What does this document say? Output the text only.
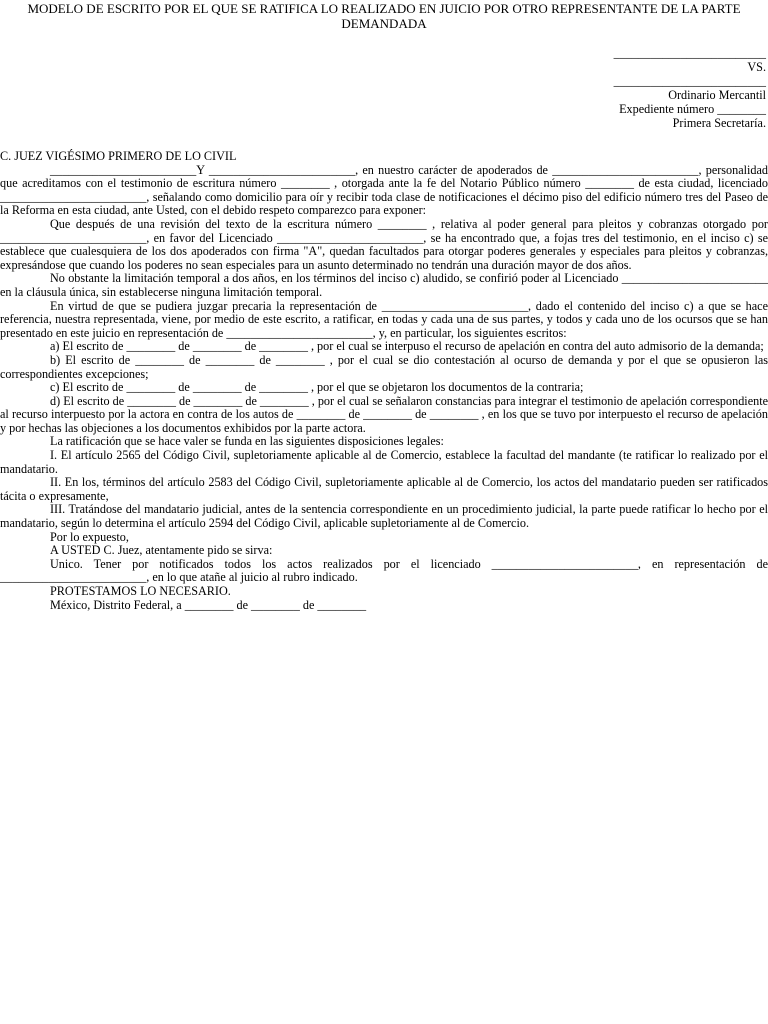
MODELO DE ESCRITO POR EL QUE SE RATIFICA LO REALIZADO EN JUICIO POR OTRO REPRESENTANTE DE LA PARTE DEMANDADA
_________________________
VS.
_________________________
Ordinario Mercantil
Expediente número ________
Primera Secretaría.

C. JUEZ VIGÉSIMO PRIMERO DE LO CIVIL

________________________Y ________________________, en nuestro carácter de apoderados de ________________________, personalidad que acreditamos con el testimonio de escritura número ________ , otorgada ante la fe del Notario Público número ________ de esta ciudad, licenciado ________________________, señalando como domicilio para oír y recibir toda clase de notificaciones el décimo piso del edificio número tres del Paseo de la Reforma en esta ciudad, ante Usted, con el debido respeto comparezco para exponer:

Que después de una revisión del texto de la escritura número ________ , relativa al poder general para pleitos y cobranzas otorgado por ________________________, en favor del Licenciado ________________________, se ha encontrado que, a fojas tres del testimonio, en el inciso c) se establece que cualesquiera de los dos apoderados con firma "A", quedan facultados para otorgar poderes generales y especiales para pleitos y cobranzas, expresándose que cuando los poderes no sean especiales para un asunto determinado no tendrán una duración mayor de dos años.

No obstante la limitación temporal a dos años, en los términos del inciso c) aludido, se confirió poder al Licenciado ________________________ en la cláusula única, sin establecerse ninguna limitación temporal.

En virtud de que se pudiera juzgar precaria la representación de ________________________, dado el contenido del inciso c) a que se hace referencia, nuestra representada, viene, por medio de este escrito, a ratificar, en todas y cada una de sus partes, y todos y cada uno de los ocursos que se han presentado en este juicio en representación de ________________________, y, en particular, los siguientes escritos:

a) El escrito de ________ de ________ de ________ , por el cual se interpuso el recurso de apelación en contra del auto admisorio de la demanda;

b) El escrito de ________ de ________ de ________ , por el cual se dio contestación al ocurso de demanda y por el que se opusieron las correspondientes excepciones;

c) El escrito de ________ de ________ de ________ , por el que se objetaron los documentos de la contraria;

d) El escrito de ________ de ________ de ________ , por el cual se señalaron constancias para integrar el testimonio de apelación correspondiente al recurso interpuesto por la actora en contra de los autos de ________ de ________ de ________ , en los que se tuvo por interpuesto el recurso de apelación y por hechas las objeciones a los documentos exhibidos por la parte actora.

La ratificación que se hace valer se funda en las siguientes disposiciones legales:

I. El artículo 2565 del Código Civil, supletoriamente aplicable al de Comercio, establece la facultad del mandante (te ratificar lo realizado por el mandatario.

II. En los, términos del artículo 2583 del Código Civil, supletoriamente aplicable al de Comercio, los actos del mandatario pueden ser ratificados tácita o expresamente,

III. Tratándose del mandatario judicial, antes de la sentencia correspondiente en un procedimiento judicial, la parte puede ratificar lo hecho por el mandatario, según lo determina el artículo 2594 del Código Civil, aplicable supletoriamente al de Comercio.

Por lo expuesto,

A USTED C. Juez, atentamente pido se sirva:

Unico. Tener por notificados todos los actos realizados por el licenciado ________________________, en representación de ________________________, en lo que atañe al juicio al rubro indicado.

PROTESTAMOS LO NECESARIO.

México, Distrito Federal, a ________ de ________ de ________
